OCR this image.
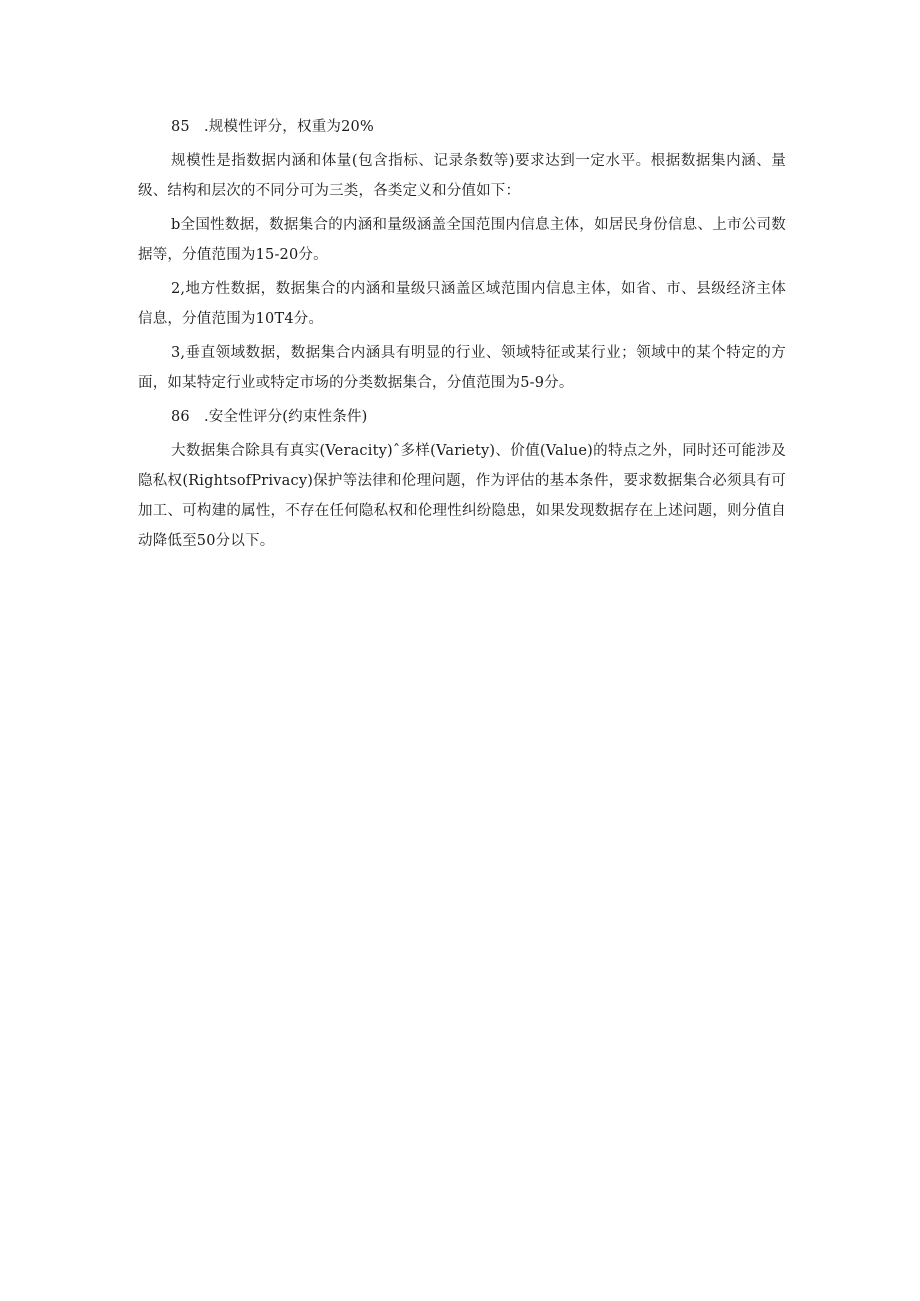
85 .规模性评分，权重为20%

规模性是指数据内涵和体量(包含指标、记录条数等)要求达到一定水平。根据数据集内涵、量级、结构和层次的不同分可为三类，各类定义和分值如下：

b全国性数据，数据集合的内涵和量级涵盖全国范围内信息主体，如居民身份信息、上市公司数据等，分值范围为15-20分。

2,地方性数据，数据集合的内涵和量级只涵盖区域范围内信息主体，如省、市、县级经济主体信息，分值范围为10T4分。

3,垂直领域数据，数据集合内涵具有明显的行业、领域特征或某行业；领域中的某个特定的方面，如某特定行业或特定市场的分类数据集合，分值范围为5-9分。

86 .安全性评分(约束性条件)

大数据集合除具有真实(Veracity)ˆ多样(Variety)、价值(Value)的特点之外，同时还可能涉及隐私权(RightsofPrivacy)保护等法律和伦理问题，作为评估的基本条件，要求数据集合必须具有可加工、可构建的属性，不存在任何隐私权和伦理性纠纷隐患，如果发现数据存在上述问题，则分值自动降低至50分以下。
